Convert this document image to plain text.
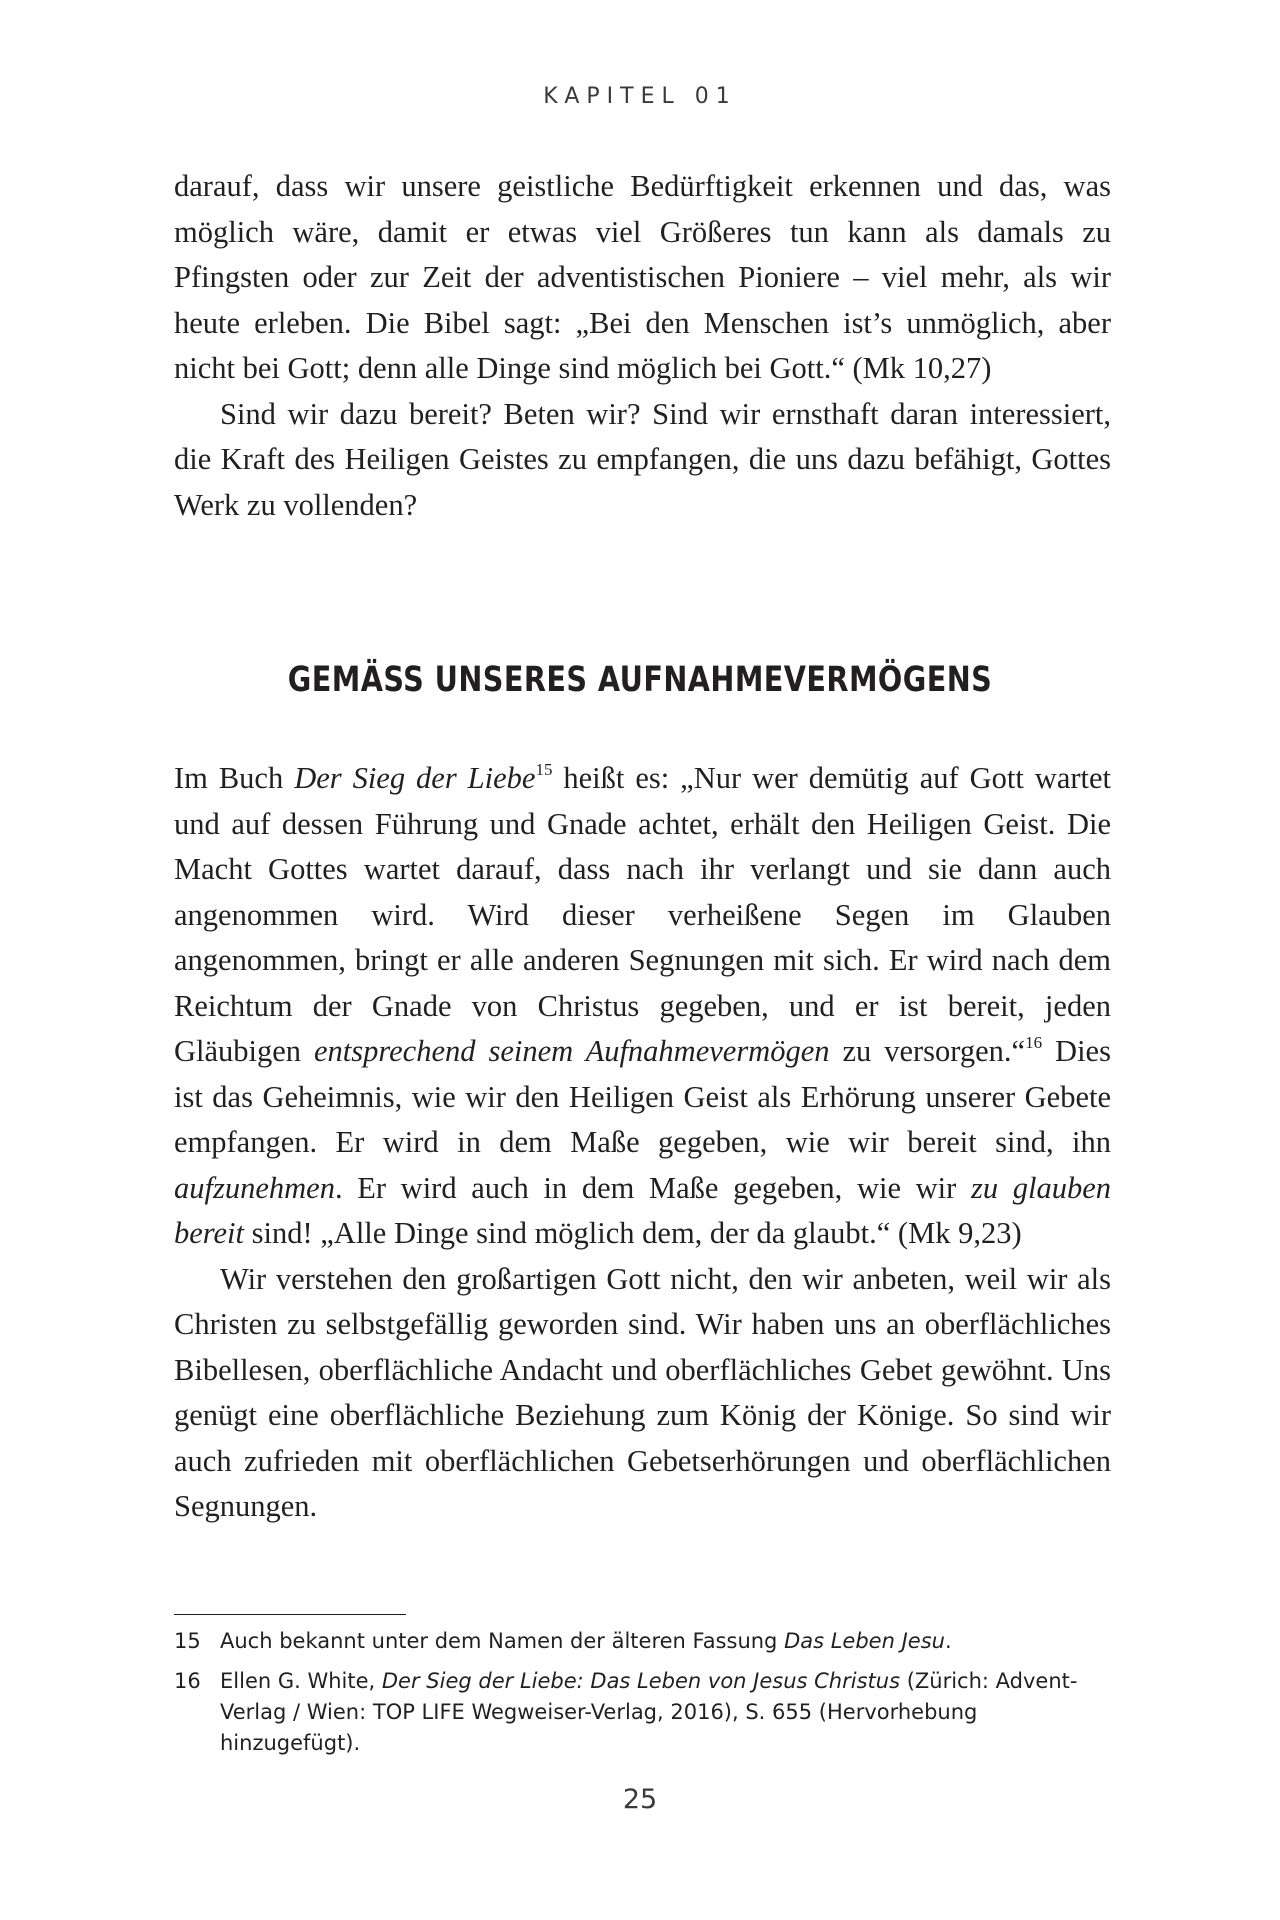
KAPITEL 01

darauf, dass wir unsere geistliche Bedürftigkeit erkennen und das, was möglich wäre, damit er etwas viel Größeres tun kann als damals zu Pfingsten oder zur Zeit der adventistischen Pioniere – viel mehr, als wir heute erleben. Die Bibel sagt: „Bei den Menschen ist’s unmöglich, aber nicht bei Gott; denn alle Dinge sind möglich bei Gott.“ (Mk 10,27)

Sind wir dazu bereit? Beten wir? Sind wir ernsthaft daran interessiert, die Kraft des Heiligen Geistes zu empfangen, die uns dazu befähigt, Gottes Werk zu vollenden?

GEMÄSS UNSERES AUFNAHMEVERMÖGENS

Im Buch Der Sieg der Liebe$^{15}$ heißt es: „Nur wer demütig auf Gott wartet und auf dessen Führung und Gnade achtet, erhält den Heiligen Geist. Die Macht Gottes wartet darauf, dass nach ihr verlangt und sie dann auch angenommen wird. Wird dieser verheißene Segen im Glauben angenommen, bringt er alle anderen Segnungen mit sich. Er wird nach dem Reichtum der Gnade von Christus gegeben, und er ist bereit, jeden Gläubigen entsprechend seinem Aufnahmevermögen zu versorgen.“$^{16}$ Dies ist das Geheimnis, wie wir den Heiligen Geist als Erhörung unserer Gebete empfangen. Er wird in dem Maße gegeben, wie wir bereit sind, ihn aufzunehmen. Er wird auch in dem Maße gegeben, wie wir zu glauben bereit sind! „Alle Dinge sind möglich dem, der da glaubt.“ (Mk 9,23)

Wir verstehen den großartigen Gott nicht, den wir anbeten, weil wir als Christen zu selbstgefällig geworden sind. Wir haben uns an oberflächliches Bibellesen, oberflächliche Andacht und oberflächliches Gebet gewöhnt. Uns genügt eine oberflächliche Beziehung zum König der Könige. So sind wir auch zufrieden mit oberflächlichen Gebetserhörungen und oberflächlichen Segnungen.

15 Auch bekannt unter dem Namen der älteren Fassung Das Leben Jesu.
16 Ellen G. White, Der Sieg der Liebe: Das Leben von Jesus Christus (Zürich: Advent-Verlag / Wien: TOP LIFE Wegweiser-Verlag, 2016), S. 655 (Hervorhebung hinzugefügt).
25
